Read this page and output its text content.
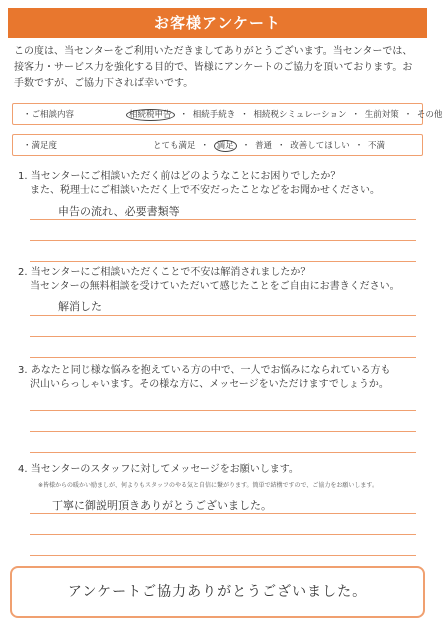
お客様アンケート
この度は、当センターをご利用いただきましてありがとうございます。当センターでは、接客力・サービス力を強化する目的で、皆様にアンケートのご協力を頂いております。お手数ですが、ご協力下されば幸いです。
・ご相談内容	相続税申告 ・ 相続手続き ・ 相続税シミュレーション ・ 生前対策 ・ その他
・満足度	とても満足 ・ 満足 ・ 普通 ・ 改善してほしい ・ 不満
1. 当センターにご相談いただく前はどのようなことにお困りでしたか？
また、税理士にご相談いただく上で不安だったことなどをお聞かせください。
申告の流れ、必要書類等
2. 当センターにご相談いただくことで不安は解消されましたか？
当センターの無料相談を受けていただいて感じたことをご自由にお書きください。
解消した
3. あなたと同じ様な悩みを抱えている方の中で、一人でお悩みになられている方も
沢山いらっしゃいます。その様な方に、メッセージをいただけますでしょうか。
4. 当センターのスタッフに対してメッセージをお願いします。
※皆様からの暖かい励ましが、何よりもスタッフのやる気と自信に繋がります。簡単で結構ですので、ご協力をお願いします。
丁寧に御説明頂きありがとうございました。
アンケートご協力ありがとうございました。
